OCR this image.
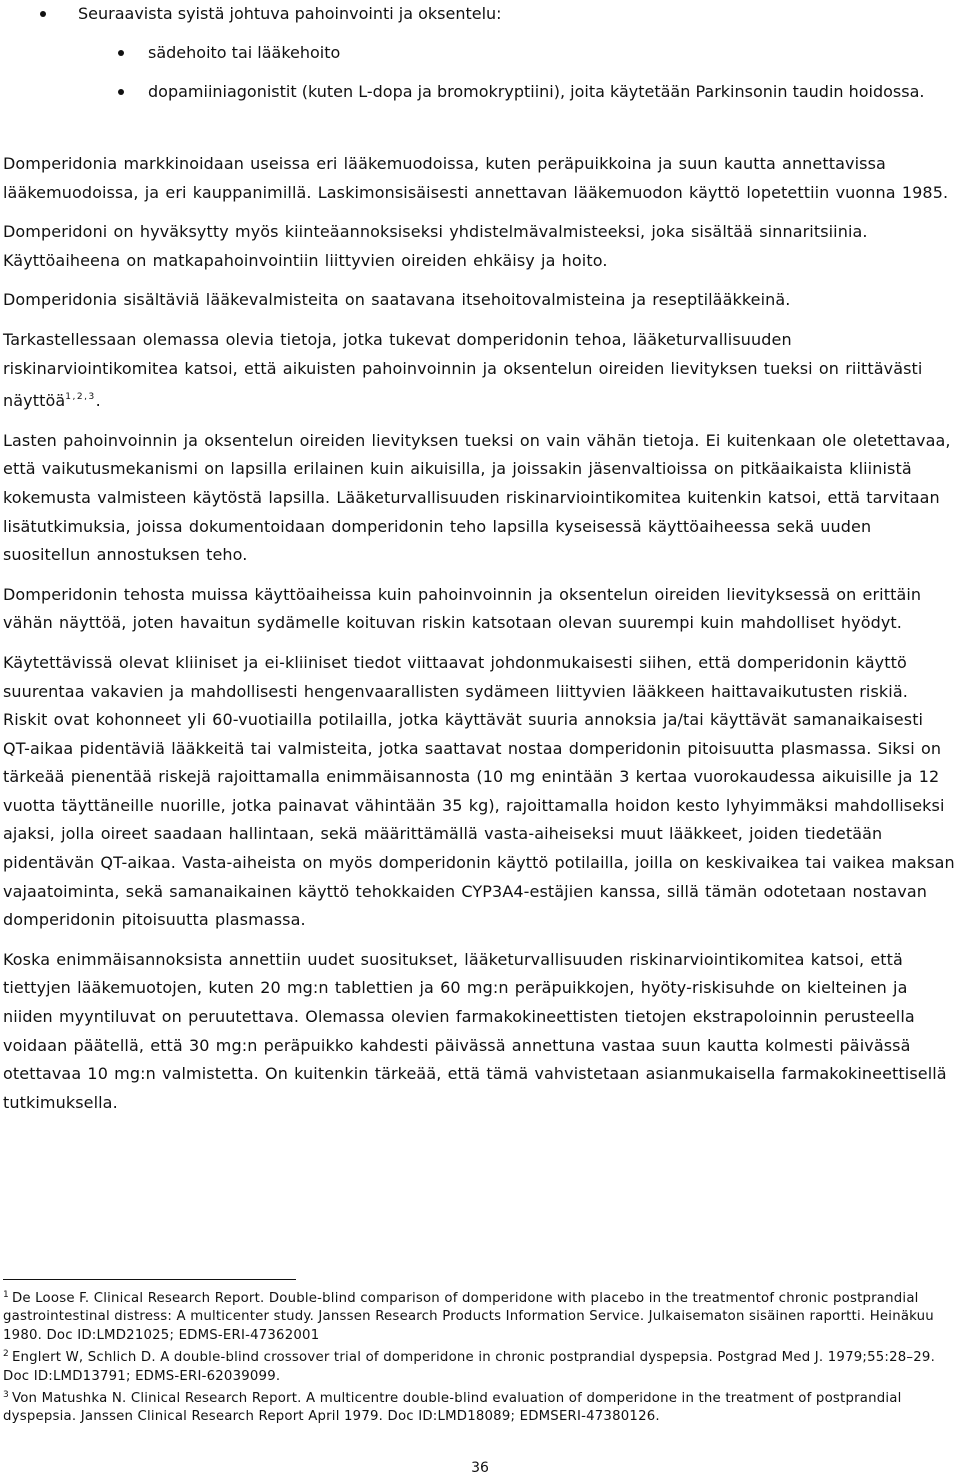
Seuraavista syistä johtuva pahoinvointi ja oksentelu:
sädehoito tai lääkehoito
dopamiiniagonistit (kuten L-dopa ja bromokryptiini), joita käytetään Parkinsonin taudin hoidossa.

Domperidonia markkinoidaan useissa eri lääkemuodoissa, kuten peräpuikkoina ja suun kautta annettavissa lääkemuodoissa, ja eri kauppanimillä. Laskimonsisäisesti annettavan lääkemuodon käyttö lopetettiin vuonna 1985.

Domperidoni on hyväksytty myös kiinteäannoksiseksi yhdistelmävalmisteeksi, joka sisältää sinnaritsiinia. Käyttöaiheena on matkapahoinvointiin liittyvien oireiden ehkäisy ja hoito.

Domperidonia sisältäviä lääkevalmisteita on saatavana itsehoitovalmisteina ja reseptilääkkeinä.

Tarkastellessaan olemassa olevia tietoja, jotka tukevat domperidonin tehoa, lääketurvallisuuden riskinarviointikomitea katsoi, että aikuisten pahoinvoinnin ja oksentelun oireiden lievityksen tueksi on riittävästi näyttöä$^{1,2,3}$.

Lasten pahoinvoinnin ja oksentelun oireiden lievityksen tueksi on vain vähän tietoja. Ei kuitenkaan ole oletettavaa, että vaikutusmekanismi on lapsilla erilainen kuin aikuisilla, ja joissakin jäsenvaltioissa on pitkäaikaista kliinistä kokemusta valmisteen käytöstä lapsilla. Lääketurvallisuuden riskinarviointikomitea kuitenkin katsoi, että tarvitaan lisätutkimuksia, joissa dokumentoidaan domperidonin teho lapsilla kyseisessä käyttöaiheessa sekä uuden suositellun annostuksen teho.

Domperidonin tehosta muissa käyttöaiheissa kuin pahoinvoinnin ja oksentelun oireiden lievityksessä on erittäin vähän näyttöä, joten havaitun sydämelle koituvan riskin katsotaan olevan suurempi kuin mahdolliset hyödyt.

Käytettävissä olevat kliiniset ja ei-kliiniset tiedot viittaavat johdonmukaisesti siihen, että domperidonin käyttö suurentaa vakavien ja mahdollisesti hengenvaarallisten sydämeen liittyvien lääkkeen haittavaikutusten riskiä. Riskit ovat kohonneet yli 60-vuotiailla potilailla, jotka käyttävät suuria annoksia ja/tai käyttävät samanaikaisesti QT-aikaa pidentäviä lääkkeitä tai valmisteita, jotka saattavat nostaa domperidonin pitoisuutta plasmassa. Siksi on tärkeää pienentää riskejä rajoittamalla enimmäisannosta (10 mg enintään 3 kertaa vuorokaudessa aikuisille ja 12 vuotta täyttäneille nuorille, jotka painavat vähintään 35 kg), rajoittamalla hoidon kesto lyhyimmäksi mahdolliseksi ajaksi, jolla oireet saadaan hallintaan, sekä määrittämällä vasta-aiheiseksi muut lääkkeet, joiden tiedetään pidentävän QT-aikaa. Vasta-aiheista on myös domperidonin käyttö potilailla, joilla on keskivaikea tai vaikea maksan vajaatoiminta, sekä samanaikainen käyttö tehokkaiden CYP3A4-estäjien kanssa, sillä tämän odotetaan nostavan domperidonin pitoisuutta plasmassa.

Koska enimmäisannoksista annettiin uudet suositukset, lääketurvallisuuden riskinarviointikomitea katsoi, että tiettyjen lääkemuotojen, kuten 20 mg:n tablettien ja 60 mg:n peräpuikkojen, hyöty-riskisuhde on kielteinen ja niiden myyntiluvat on peruutettava. Olemassa olevien farmakokineettisten tietojen ekstrapoloinnin perusteella voidaan päätellä, että 30 mg:n peräpuikko kahdesti päivässä annettuna vastaa suun kautta kolmesti päivässä otettavaa 10 mg:n valmistetta. On kuitenkin tärkeää, että tämä vahvistetaan asianmukaisella farmakokineettisellä tutkimuksella.

$^1$ De Loose F. Clinical Research Report. Double-blind comparison of domperidone with placebo in the treatmentof chronic postprandial gastrointestinal distress: A multicenter study. Janssen Research Products Information Service. Julkaisematon sisäinen raportti. Heinäkuu 1980. Doc ID:LMD21025; EDMS-ERI-47362001

$^2$ Englert W, Schlich D. A double-blind crossover trial of domperidone in chronic postprandial dyspepsia. Postgrad Med J. 1979;55:28–29. Doc ID:LMD13791; EDMS-ERI-62039099.

$^3$ Von Matushka N. Clinical Research Report. A multicentre double-blind evaluation of domperidone in the treatment of postprandial dyspepsia. Janssen Clinical Research Report April 1979. Doc ID:LMD18089; EDMSERI-47380126.

36
